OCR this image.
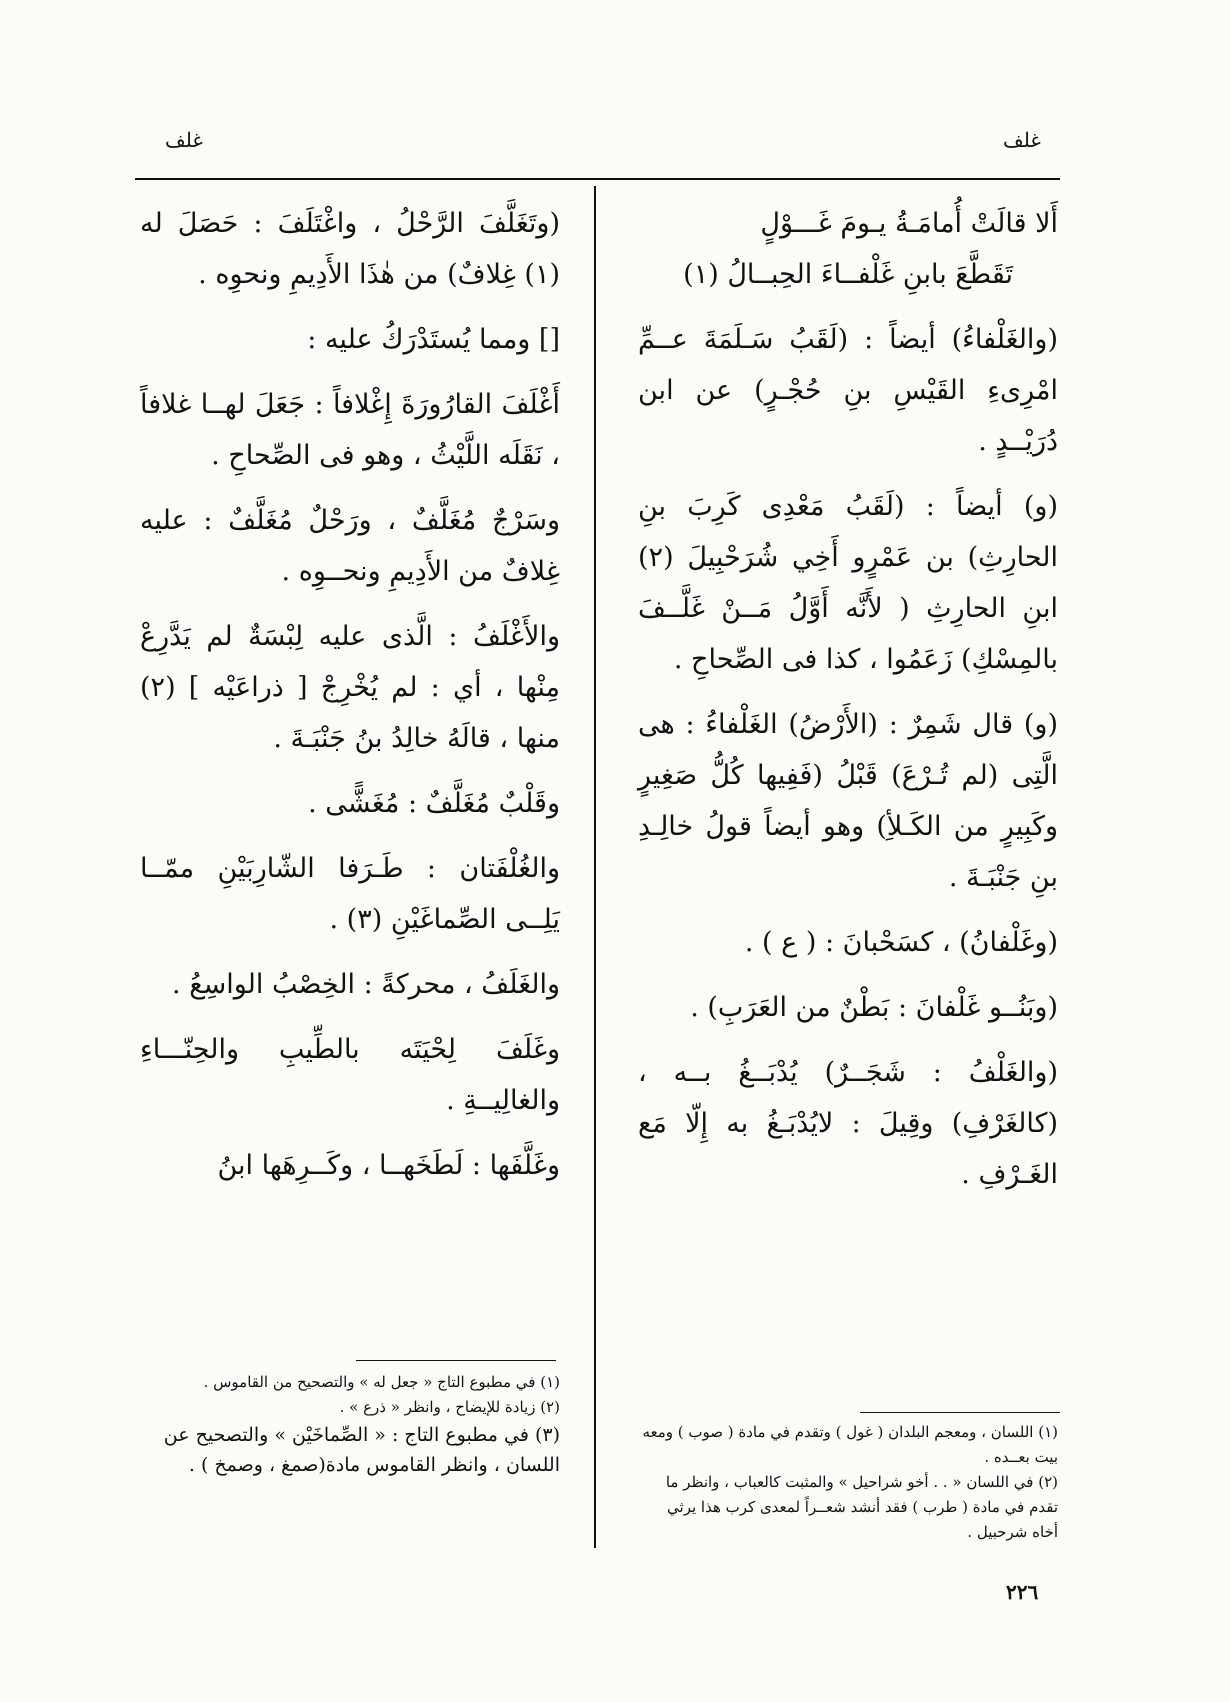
غلف	غلف
أَلا قالَتْ أُمامَـةُ يـومَ غَـــوْلٍ
تَقَطَّعَ بابنِ غَلْفــاءَ الحِبــالُ (١)

(والغَلْفاءُ) أيضاً : (لَقَبُ سَـلَمَةَ عــمِّ امْرِىءِ القَيْسِ بنِ حُجْـرٍ) عن ابن دُرَيْــدٍ .

(و) أيضاً : (لَقَبُ مَعْدِى كَرِبَ بنِ الحارِثِ) بن عَمْرٍو أَخِي شُرَحْبِيلَ (٢) ابنِ الحارِثِ ( لأَنَّه أَوَّلُ مَــنْ غَلَّــفَ بالمِسْكِ) زَعَمُوا ، كذا فى الصِّحاحِ .

(و) قال شَمِرٌ : (الأَرْضُ) الغَلْفاءُ : هى الَّتِى (لم تُـرْعَ) قَبْلُ (فَفِيها كُلُّ صَغِيرٍ وكَبِيرٍ من الكَـلأِ) وهو أيضاً قولُ خالِـدِ بنِ جَنْبَـةَ .

(وغَلْفانُ) ، كسَحْبانَ : ( ع ) .

(وبَنُــو غَلْفانَ : بَطْنٌ من العَرَبِ) .

(والغَلْفُ : شَجَــرٌ) يُدْبَــغُ بــه ، (كالغَرْفِ) وقِيلَ : لايُدْبَـغُ به إِلّا مَع الغَـرْفِ .

(وتَغَلَّفَ الرَّحْلُ ، واغْتَلَفَ : حَصَلَ له (١) غِلافٌ) من هٰذَا الأَدِيمِ ونحوِه .

[] ومما يُستَدْرَكُ عليه :

أَغْلَفَ القارُورَةَ إِغْلافاً : جَعَلَ لهــا غلافاً ، نَقَلَه اللَّيْثُ ، وهو فى الصِّحاحِ .

وسَرْجٌ مُغَلَّفٌ ، ورَحْلٌ مُغَلَّفٌ : عليه غِلافٌ من الأَدِيمِ ونحــوِه .

والأَغْلَفُ : الَّذى عليه لِبْسَةٌ لم يَدَّرِعْ مِنْها ، أي : لم يُخْرِجْ [ ذراعَيْه ] (٢) منها ، قالَهُ خالِدُ بنُ جَنْبَـةَ .

وقَلْبٌ مُغَلَّفٌ : مُغَشًّى .

والغُلْفَتان : طَـرَفا الشّارِبَيْنِ ممّــا يَلِــى الصِّماغَيْنِ (٣) .

والغَلَفُ ، محركةً : الخِصْبُ الواسِعُ .

وغَلَفَ لِحْيَتَه بالطِّيبِ والحِنّـــاءِ والغالِيــةِ .

وغَلَّفَها : لَطَخَهــا ، وكَــرِهَها ابنُ

(١) اللسان ، ومعجم البلدان ( غول ) وتقدم في مادة ( صوب ) ومعه بيت بعــده .

(٢) في اللسان « . . أخو شراحيل » والمثبت كالعباب ، وانظر ما تقدم في مادة ( طرب ) فقد أنشد شعــراً لمعدى كرب هذا يرثي أخاه شرحبيل .

(١) في مطبوع التاج « جعل له » والتصحيح من القاموس .

(٢) زيادة للإيضاح ، وانظر « ذرع » .

(٣) في مطبوع التاج : « الصِّماخَيْن » والتصحيح عن اللسان ، وانظر القاموس مادة(صمغ ، وصمخ ) .

٢٢٦
